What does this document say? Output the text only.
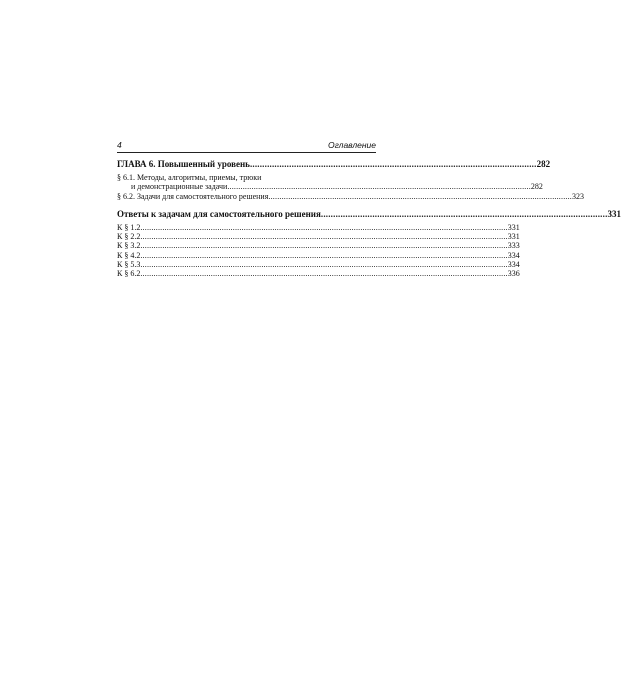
4	Оглавление
ГЛАВА 6. Повышенный уровень ..................................................................................................................... 282
§ 6.1. Методы, алгоритмы, приемы, трюки
и демонстрационные задачи .......................................................................................................................................... 282
§ 6.2. Задачи для самостоятельного решения .......................................................................................................................................... 323
Ответы к задачам для самостоятельного решения ..................................................................................................................... 331
К § 1.2 ....................................................................................................................................................................... 331
К § 2.2 ....................................................................................................................................................................... 331
К § 3.2 ....................................................................................................................................................................... 333
К § 4.2 ....................................................................................................................................................................... 334
К § 5.3 ....................................................................................................................................................................... 334
К § 6.2 ....................................................................................................................................................................... 336
